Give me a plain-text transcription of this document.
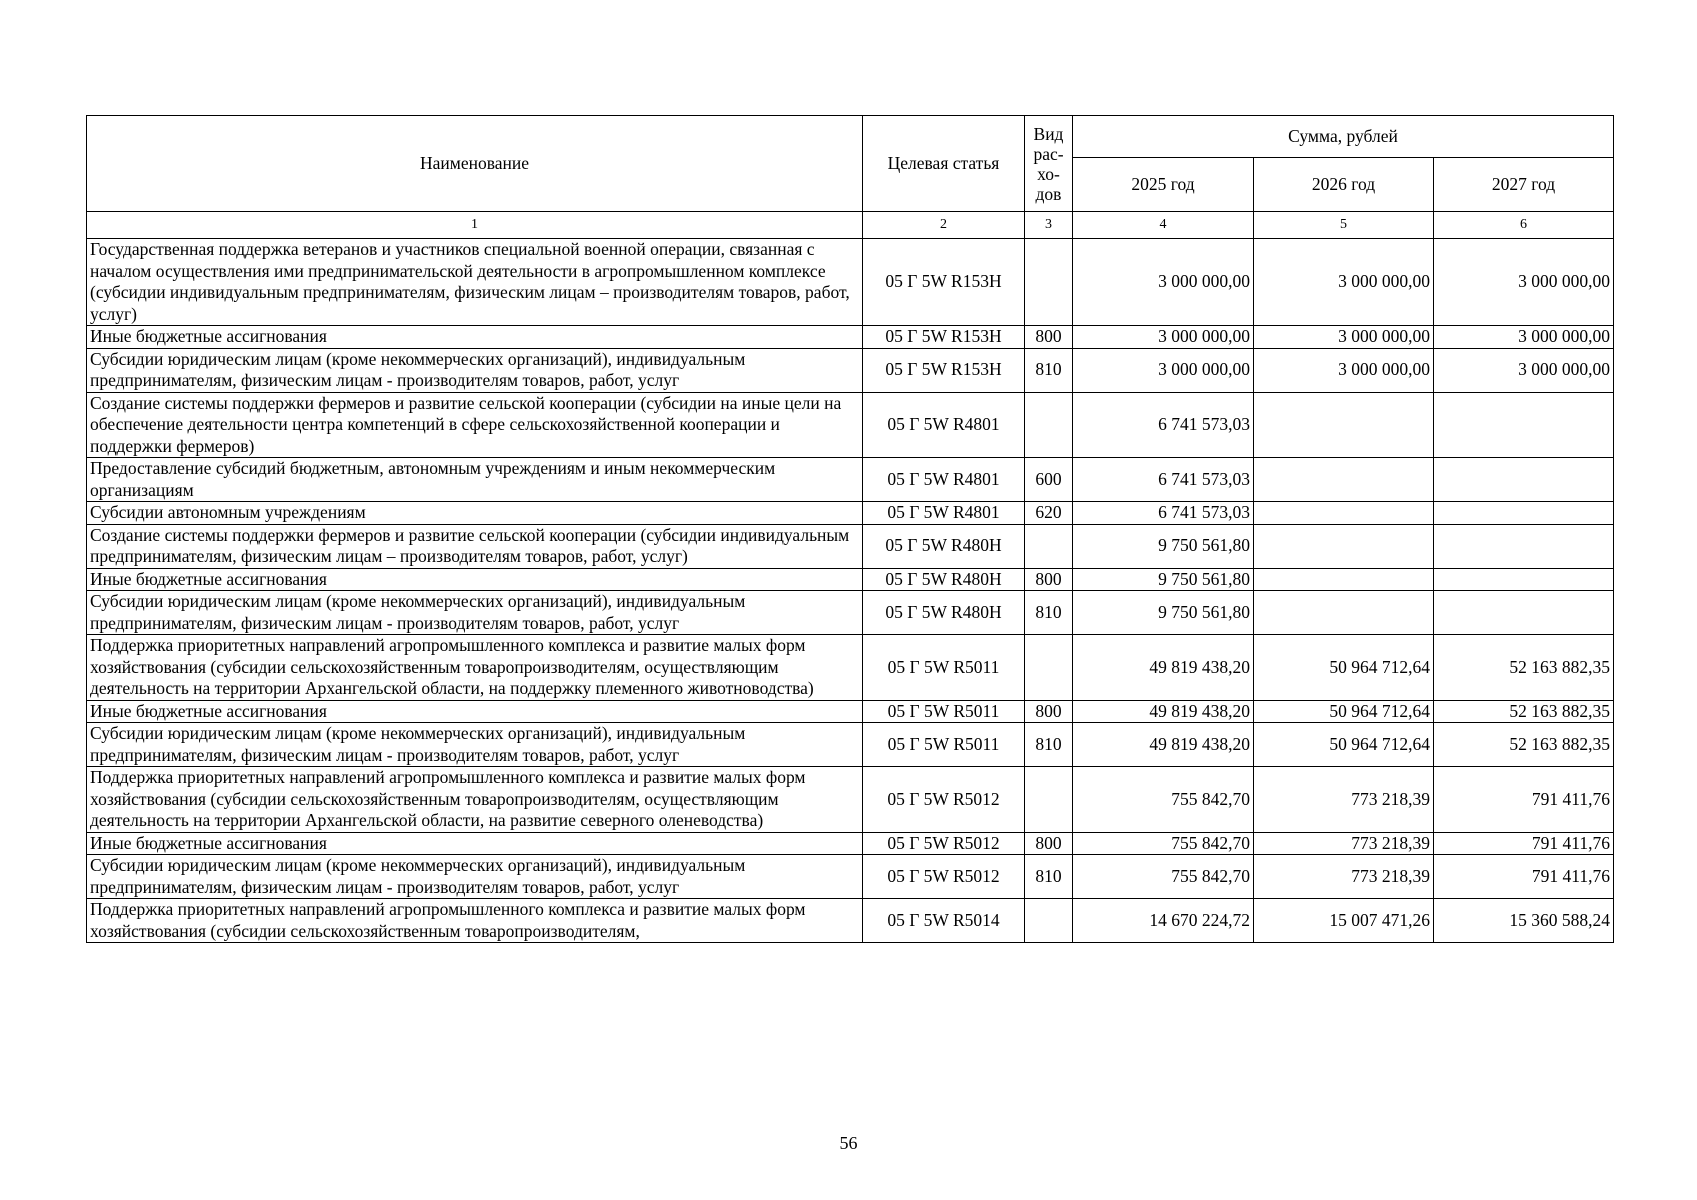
Наименование	Целевая статья	Вид
рас-
хо-
дов	Сумма, рублей		
			2025 год	2026 год	2027 год
1	2	3	4	5	6
Государственная поддержка ветеранов и участников специальной военной операции, связанная с началом осуществления ими предпринимательской деятельности в агропромышленном комплексе (субсидии индивидуальным предпринимателям, физическим лицам – производителям товаров, работ, услуг)	05 Г 5W R153H		3 000 000,00	3 000 000,00	3 000 000,00
Иные бюджетные ассигнования	05 Г 5W R153H	800	3 000 000,00	3 000 000,00	3 000 000,00
Субсидии юридическим лицам (кроме некоммерческих организаций), индивидуальным предпринимателям, физическим лицам - производителям товаров, работ, услуг	05 Г 5W R153H	810	3 000 000,00	3 000 000,00	3 000 000,00
Создание системы поддержки фермеров и развитие сельской кооперации (субсидии на иные цели на обеспечение деятельности центра компетенций в сфере сельскохозяйственной кооперации и поддержки фермеров)	05 Г 5W R4801		6 741 573,03		
Предоставление субсидий бюджетным, автономным учреждениям и иным некоммерческим организациям	05 Г 5W R4801	600	6 741 573,03		
Субсидии автономным учреждениям	05 Г 5W R4801	620	6 741 573,03		
Создание системы поддержки фермеров и развитие сельской кооперации (субсидии индивидуальным предпринимателям, физическим лицам – производителям товаров, работ, услуг)	05 Г 5W R480H		9 750 561,80		
Иные бюджетные ассигнования	05 Г 5W R480H	800	9 750 561,80		
Субсидии юридическим лицам (кроме некоммерческих организаций), индивидуальным предпринимателям, физическим лицам - производителям товаров, работ, услуг	05 Г 5W R480H	810	9 750 561,80		
Поддержка приоритетных направлений агропромышленного комплекса и развитие малых форм хозяйствования (субсидии сельскохозяйственным товаропроизводителям, осуществляющим деятельность на территории Архангельской области, на поддержку племенного животноводства)	05 Г 5W R5011		49 819 438,20	50 964 712,64	52 163 882,35
Иные бюджетные ассигнования	05 Г 5W R5011	800	49 819 438,20	50 964 712,64	52 163 882,35
Субсидии юридическим лицам (кроме некоммерческих организаций), индивидуальным предпринимателям, физическим лицам - производителям товаров, работ, услуг	05 Г 5W R5011	810	49 819 438,20	50 964 712,64	52 163 882,35
Поддержка приоритетных направлений агропромышленного комплекса и развитие малых форм хозяйствования (субсидии сельскохозяйственным товаропроизводителям, осуществляющим деятельность на территории Архангельской области, на развитие северного оленеводства)	05 Г 5W R5012		755 842,70	773 218,39	791 411,76
Иные бюджетные ассигнования	05 Г 5W R5012	800	755 842,70	773 218,39	791 411,76
Субсидии юридическим лицам (кроме некоммерческих организаций), индивидуальным предпринимателям, физическим лицам - производителям товаров, работ, услуг	05 Г 5W R5012	810	755 842,70	773 218,39	791 411,76
Поддержка приоритетных направлений агропромышленного комплекса и развитие малых форм хозяйствования (субсидии сельскохозяйственным товаропроизводителям,	05 Г 5W R5014		14 670 224,72	15 007 471,26	15 360 588,24
56
